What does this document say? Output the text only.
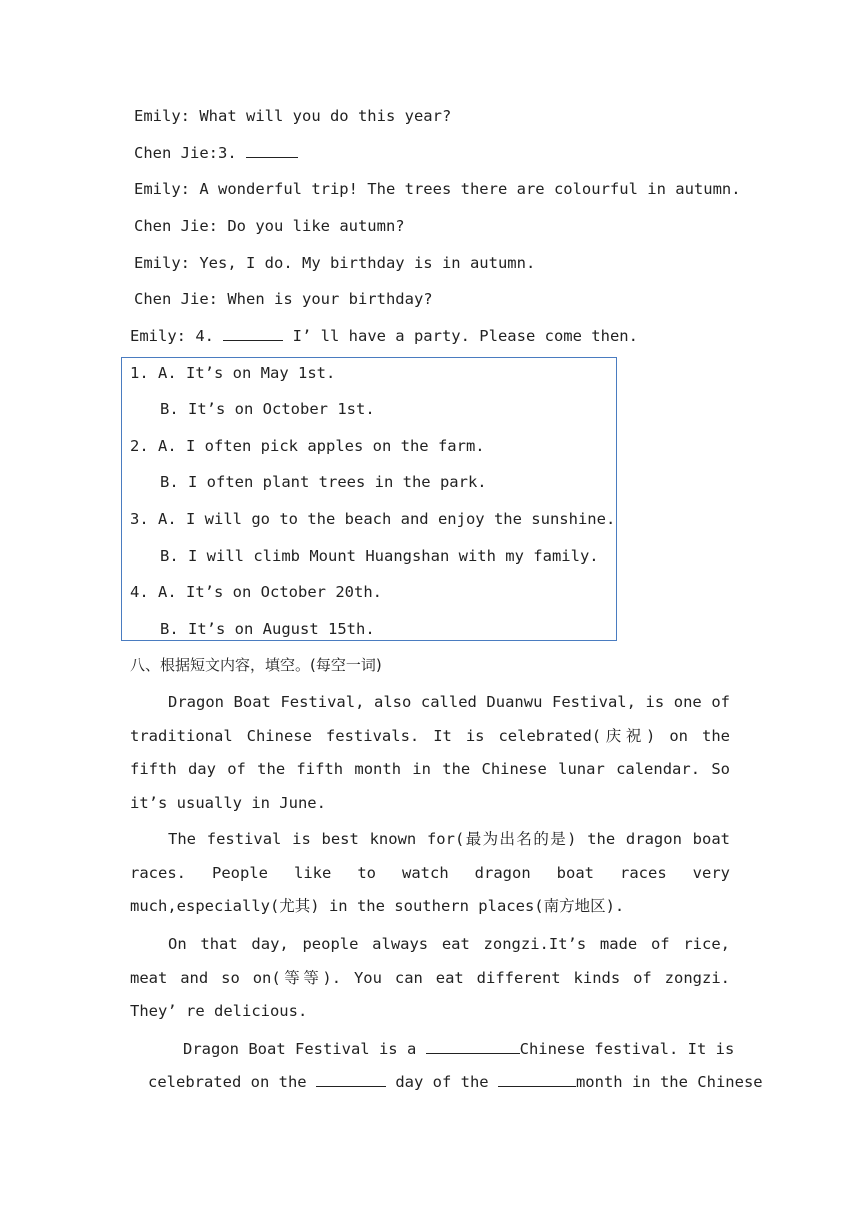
Emily: What will you do this year?
Chen Jie:3.
Emily: A wonderful trip! The trees there are colourful in autumn.
Chen Jie: Do you like autumn?
Emily: Yes, I do. My birthday is in autumn.
Chen Jie: When is your birthday?
Emily: 4.	I’ ll have a party. Please come then.
1. A. It’s on May 1st.
B. It’s on October 1st.
2. A. I often pick apples on the farm.
B. I often plant trees in the park.
3. A. I will go to the beach and enjoy the sunshine.
B. I will climb Mount Huangshan with my family.
4. A. It’s on October 20th.
B. It’s on August 15th.
八、根据短文内容，填空。(每空一词)
Dragon Boat Festival, also called Duanwu Festival, is one of traditional Chinese festivals. It is celebrated(庆祝) on the fifth day of the fifth month in the Chinese lunar calendar. So it’s usually in June.
The festival is best known for(最为出名的是) the dragon boat races. People like to watch dragon boat races very much,especially(尤其) in the southern places(南方地区).
On that day, people always eat zongzi.It’s made of rice, meat and so on(等等). You can eat different kinds of zongzi. They’ re delicious.
Dragon Boat Festival is a	Chinese festival. It is
celebrated on the	day of the	month in the Chinese
